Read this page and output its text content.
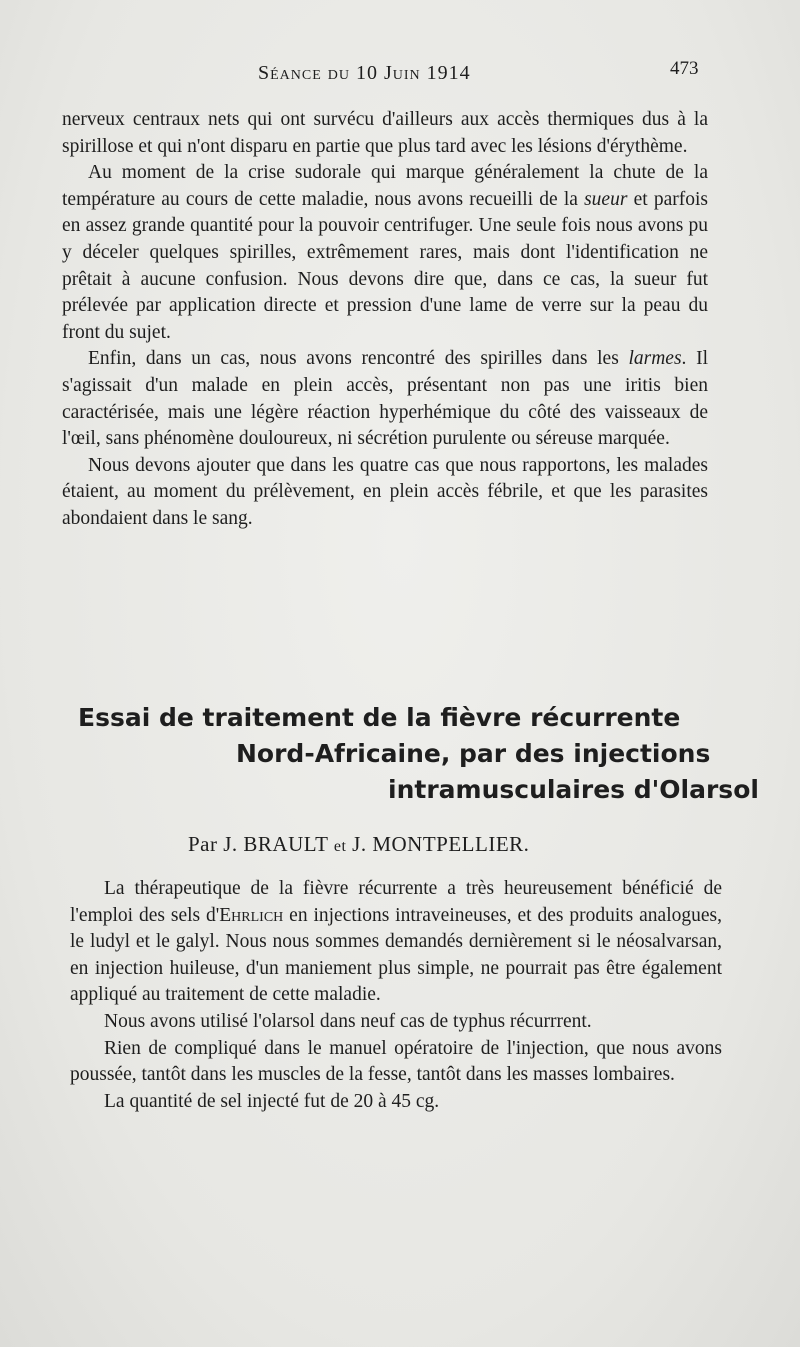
Séance du 10 Juin 1914	473

nerveux centraux nets qui ont survécu d'ailleurs aux accès thermiques dus à la spirillose et qui n'ont disparu en partie que plus tard avec les lésions d'érythème.

Au moment de la crise sudorale qui marque généralement la chute de la température au cours de cette maladie, nous avons recueilli de la sueur et parfois en assez grande quantité pour la pouvoir centrifuger. Une seule fois nous avons pu y déceler quelques spirilles, extrêmement rares, mais dont l'identification ne prêtait à aucune confusion. Nous devons dire que, dans ce cas, la sueur fut prélevée par application directe et pression d'une lame de verre sur la peau du front du sujet.

Enfin, dans un cas, nous avons rencontré des spirilles dans les larmes. Il s'agissait d'un malade en plein accès, présentant non pas une iritis bien caractérisée, mais une légère réaction hyperhémique du côté des vaisseaux de l'œil, sans phénomène douloureux, ni sécrétion purulente ou séreuse marquée.

Nous devons ajouter que dans les quatre cas que nous rapportons, les malades étaient, au moment du prélèvement, en plein accès fébrile, et que les parasites abondaient dans le sang.

Essai de traitement de la fièvre récurrente
Nord-Africaine, par des injections
intramusculaires d'Olarsol
Par J. BRAULT et J. MONTPELLIER.

La thérapeutique de la fièvre récurrente a très heureusement bénéficié de l'emploi des sels d'Ehrlich en injections intraveineuses, et des produits analogues, le ludyl et le galyl. Nous nous sommes demandés dernièrement si le néosalvarsan, en injection huileuse, d'un maniement plus simple, ne pourrait pas être également appliqué au traitement de cette maladie.

Nous avons utilisé l'olarsol dans neuf cas de typhus récurrrent.

Rien de compliqué dans le manuel opératoire de l'injection, que nous avons poussée, tantôt dans les muscles de la fesse, tantôt dans les masses lombaires.

La quantité de sel injecté fut de 20 à 45 cg.
